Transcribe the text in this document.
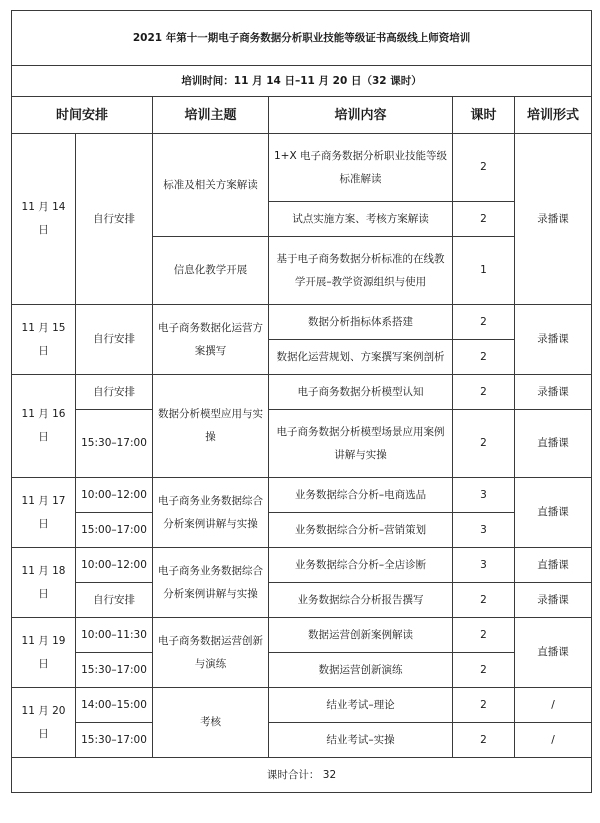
2021 年第十一期电子商务数据分析职业技能等级证书高级线上师资培训					
培训时间：11 月 14 日–11 月 20 日（32 课时）					
时间安排		培训主题	培训内容	课时	培训形式
11 月 14 日	自行安排	标准及相关方案解读	1+X 电子商务数据分析职业技能等级标准解读	2	录播课
			试点实施方案、考核方案解读	2	
		信息化教学开展	基于电子商务数据分析标准的在线教学开展–教学资源组织与使用	1	
11 月 15 日	自行安排	电子商务数据化运营方案撰写	数据分析指标体系搭建	2	录播课
			数据化运营规划、方案撰写案例剖析	2	
11 月 16 日	自行安排	数据分析模型应用与实操	电子商务数据分析模型认知	2	录播课
	15:30–17:00		电子商务数据分析模型场景应用案例讲解与实操	2	直播课
11 月 17 日	10:00–12:00	电子商务业务数据综合分析案例讲解与实操	业务数据综合分析–电商选品	3	直播课
	15:00–17:00		业务数据综合分析–营销策划	3	
11 月 18 日	10:00–12:00	电子商务业务数据综合分析案例讲解与实操	业务数据综合分析–全店诊断	3	直播课
	自行安排		业务数据综合分析报告撰写	2	录播课
11 月 19 日	10:00–11:30	电子商务数据运营创新与演练	数据运营创新案例解读	2	直播课
	15:30–17:00		数据运营创新演练	2	
11 月 20 日	14:00–15:00	考核	结业考试–理论	2	/
	15:30–17:00		结业考试–实操	2	/
课时合计： 32					
